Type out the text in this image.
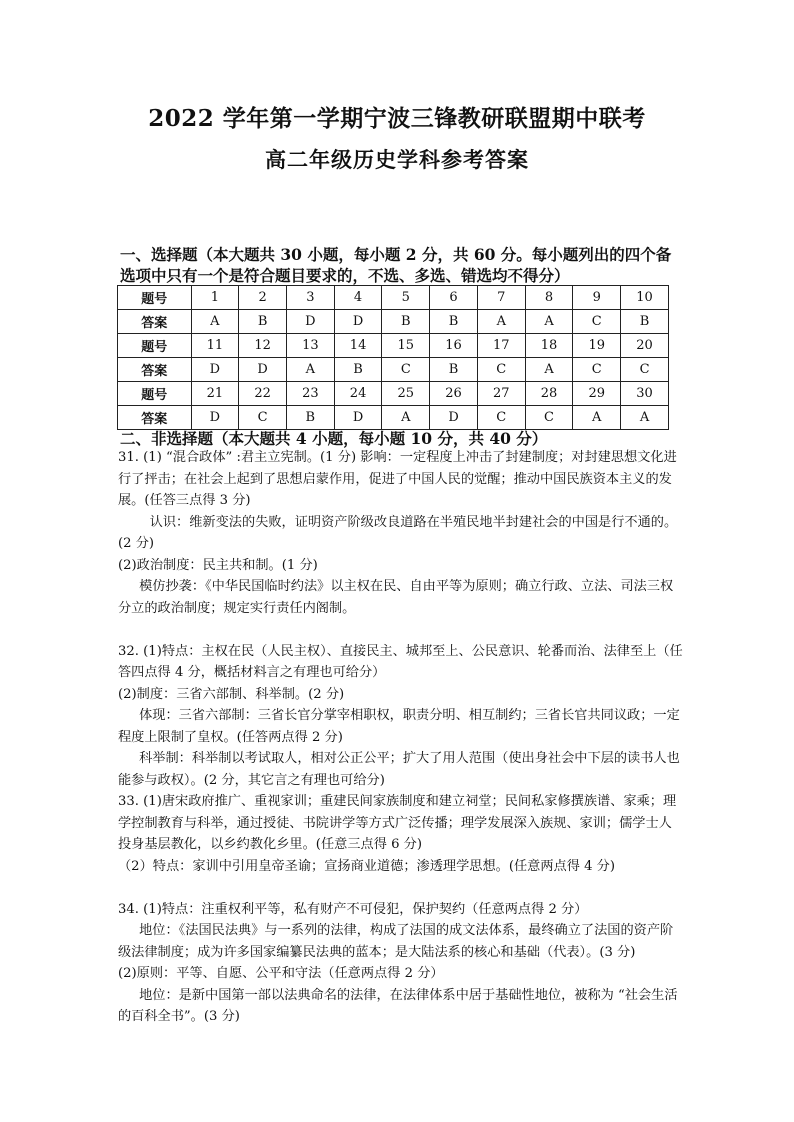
2022 学年第一学期宁波三锋教研联盟期中联考
高二年级历史学科参考答案
一、选择题（本大题共 30 小题，每小题 2 分，共 60 分。每小题列出的四个备选项中只有一个是符合题目要求的，不选、多选、错选均不得分）
题号	1	2	3	4	5	6	7	8	9	10
答案	A	B	D	D	B	B	A	A	C	B
题号	11	12	13	14	15	16	17	18	19	20
答案	D	D	A	B	C	B	C	A	C	C
题号	21	22	23	24	25	26	27	28	29	30
答案	D	C	B	D	A	D	C	C	A	A
二、非选择题（本大题共 4 小题，每小题 10 分，共 40 分）

31. (1) “混合政体” :君主立宪制。(1 分) 影响：一定程度上冲击了封建制度；对封建思想文化进行了抨击；在社会上起到了思想启蒙作用，促进了中国人民的觉醒；推动中国民族资本主义的发展。(任答三点得 3 分)

认识：维新变法的失败，证明资产阶级改良道路在半殖民地半封建社会的中国是行不通的。(2 分)

(2)政治制度：民主共和制。(1 分)

模仿抄袭：《中华民国临时约法》以主权在民、自由平等为原则；确立行政、立法、司法三权分立的政治制度；规定实行责任内阁制。

32. (1)特点：主权在民（人民主权）、直接民主、城邦至上、公民意识、轮番而治、法律至上（任答四点得 4 分，概括材料言之有理也可给分）

(2)制度：三省六部制、科举制。(2 分)

体现：三省六部制：三省长官分掌宰相职权，职责分明、相互制约；三省长官共同议政；一定程度上限制了皇权。(任答两点得 2 分)

科举制：科举制以考试取人，相对公正公平；扩大了用人范围（使出身社会中下层的读书人也能参与政权）。(2 分，其它言之有理也可给分)

33. (1)唐宋政府推广、重视家训；重建民间家族制度和建立祠堂；民间私家修撰族谱、家乘；理学控制教育与科举，通过授徒、书院讲学等方式广泛传播；理学发展深入族规、家训；儒学士人投身基层教化，以乡约教化乡里。(任意三点得 6 分)

（2）特点：家训中引用皇帝圣谕；宣扬商业道德；渗透理学思想。(任意两点得 4 分)

34. (1)特点：注重权利平等，私有财产不可侵犯，保护契约（任意两点得 2 分）

地位：《法国民法典》与一系列的法律，构成了法国的成文法体系，最终确立了法国的资产阶级法律制度；成为许多国家编纂民法典的蓝本；是大陆法系的核心和基础（代表）。(3 分)

(2)原则：平等、自愿、公平和守法（任意两点得 2 分）

地位：是新中国第一部以法典命名的法律，在法律体系中居于基础性地位，被称为 “社会生活的百科全书”。(3 分)
